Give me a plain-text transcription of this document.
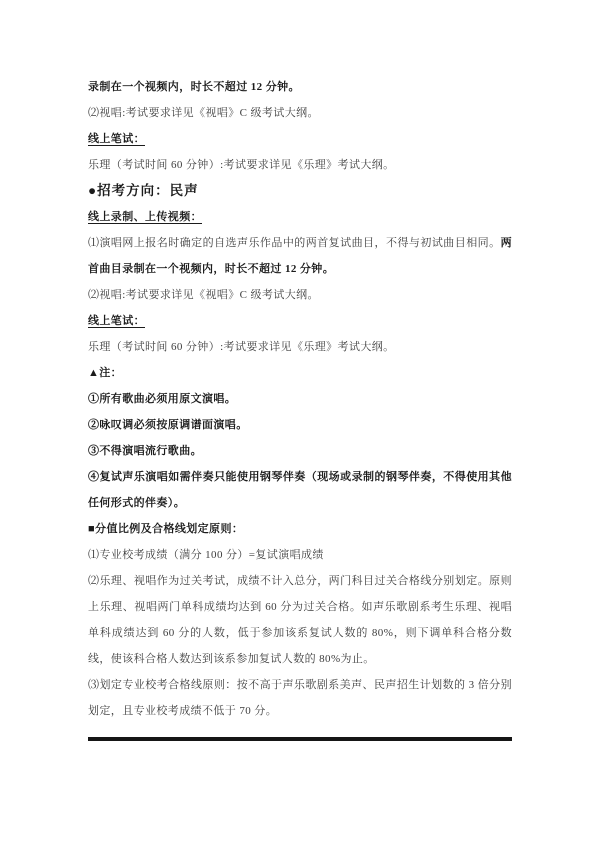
录制在一个视频内，时长不超过 12 分钟。

⑵视唱:考试要求详见《视唱》C 级考试大纲。

线上笔试：

乐理（考试时间 60 分钟）:考试要求详见《乐理》考试大纲。

●招考方向：民声

线上录制、上传视频：

⑴演唱网上报名时确定的自选声乐作品中的两首复试曲目，不得与初试曲目相同。两首曲目录制在一个视频内，时长不超过 12 分钟。

⑵视唱:考试要求详见《视唱》C 级考试大纲。

线上笔试：

乐理（考试时间 60 分钟）:考试要求详见《乐理》考试大纲。

▲注：

①所有歌曲必须用原文演唱。

②咏叹调必须按原调谱面演唱。

③不得演唱流行歌曲。

④复试声乐演唱如需伴奏只能使用钢琴伴奏（现场或录制的钢琴伴奏，不得使用其他任何形式的伴奏）。

■分值比例及合格线划定原则：

⑴专业校考成绩（满分 100 分）=复试演唱成绩

⑵乐理、视唱作为过关考试，成绩不计入总分，两门科目过关合格线分别划定。原则上乐理、视唱两门单科成绩均达到 60 分为过关合格。如声乐歌剧系考生乐理、视唱单科成绩达到 60 分的人数，低于参加该系复试人数的 80%，则下调单科合格分数线，使该科合格人数达到该系参加复试人数的 80%为止。

⑶划定专业校考合格线原则：按不高于声乐歌剧系美声、民声招生计划数的 3 倍分别划定，且专业校考成绩不低于 70 分。
